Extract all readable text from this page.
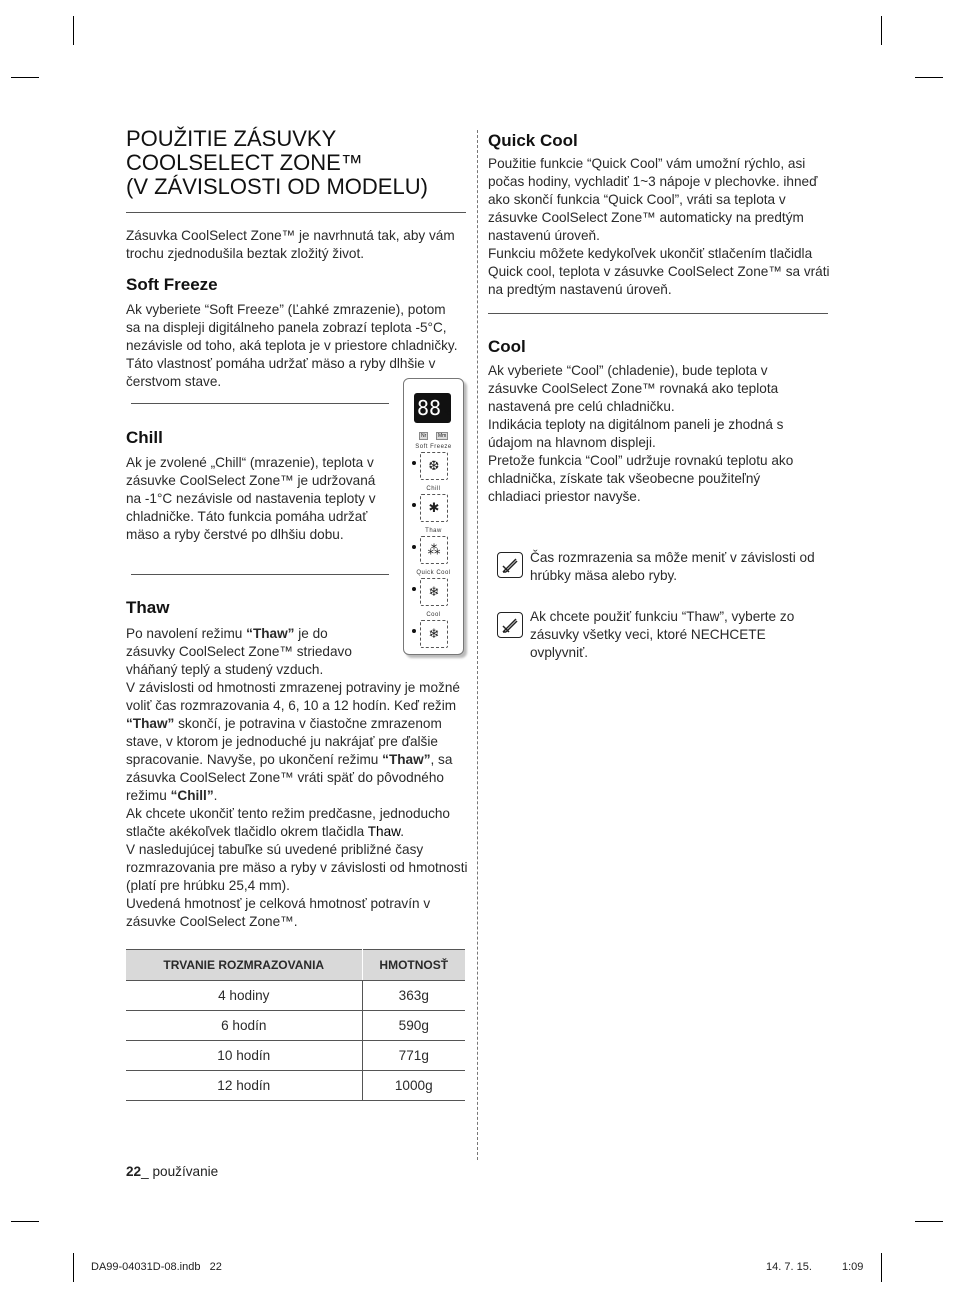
POUŽITIE ZÁSUVKY
COOLSELECT ZONE™
(V ZÁVISLOSTI OD MODELU)

Zásuvka CoolSelect Zone™ je navrhnutá tak, aby vám trochu zjednodušila beztak zložitý život.

Soft Freeze

Ak vyberiete “Soft Freeze” (Ľahké zmrazenie), potom sa na displeji digitálneho panela zobrazí teplota -5°C, nezávisle od toho, aká teplota je v priestore chladničky. Táto vlastnosť pomáha udržať mäso a ryby dlhšie v čerstvom stave.

Chill

Ak je zvolené „Chill“ (mrazenie), teplota v zásuvke CoolSelect Zone™ je udržovaná na -1°C nezávisle od nastavenia teploty v chladničke. Táto funkcia pomáha udržať mäso a ryby čerstvé po dlhšiu dobu.

Thaw

Po navolení režimu “Thaw” je do zásuvky CoolSelect Zone™ striedavo vháňaný teplý a studený vzduch.

V závislosti od hmotnosti zmrazenej potraviny je možné voliť čas rozmrazovania 4, 6, 10 a 12 hodín. Keď režim “Thaw” skončí, je potravina v čiastočne zmrazenom stave, v ktorom je jednoduché ju nakrájať pre ďalšie spracovanie. Navyše, po ukončení režimu “Thaw”, sa zásuvka CoolSelect Zone™ vráti späť do pôvodného režimu “Chill”.

Ak chcete ukončiť tento režim predčasne, jednoducho stlačte akékoľvek tlačidlo okrem tlačidla Thaw.

V nasledujúcej tabuľke sú uvedené približné časy rozmrazovania pre mäso a ryby v závislosti od hmotnosti (platí pre hrúbku 25,4 mm).

Uvedená hmotnosť je celková hmotnosť potravín v zásuvke CoolSelect Zone™.

88 °C
Nr	Mm
Soft Freeze
❆
Chill
✱
Thaw
⁂
Quick Cool
❄
Cool
❄
TRVANIE ROZMRAZOVANIA	HMOTNOSŤ
4 hodiny	363g
6 hodín	590g
10 hodín	771g
12 hodín	1000g
Quick Cool

Použitie funkcie “Quick Cool” vám umožní rýchlo, asi počas hodiny, vychladiť 1~3 nápoje v plechovke. ihneď ako skončí funkcia “Quick Cool”, vráti sa teplota v zásuvke CoolSelect Zone™ automaticky na predtým nastavenú úroveň.

Funkciu môžete kedykoľvek ukončiť stlačením tlačidla Quick cool, teplota v zásuvke CoolSelect Zone™ sa vráti na predtým nastavenú úroveň.

Cool

Ak vyberiete “Cool” (chladenie), bude teplota v zásuvke CoolSelect Zone™ rovnaká ako teplota nastavená pre celú chladničku.

Indikácia teploty na digitálnom paneli je zhodná s údajom na hlavnom displeji.

Pretože funkcia “Cool” udržuje rovnakú teplotu ako chladnička, získate tak všeobecne použiteľný chladiaci priestor navyše.

Čas rozmrazenia sa môže meniť v závislosti od hrúbky mäsa alebo ryby.

Ak chcete použiť funkciu “Thaw”, vyberte zo zásuvky všetky veci, ktoré NECHCETE ovplyvniť.

22_ používanie
DA99-04031D-08.indb   22	14. 7. 15.	1:09
